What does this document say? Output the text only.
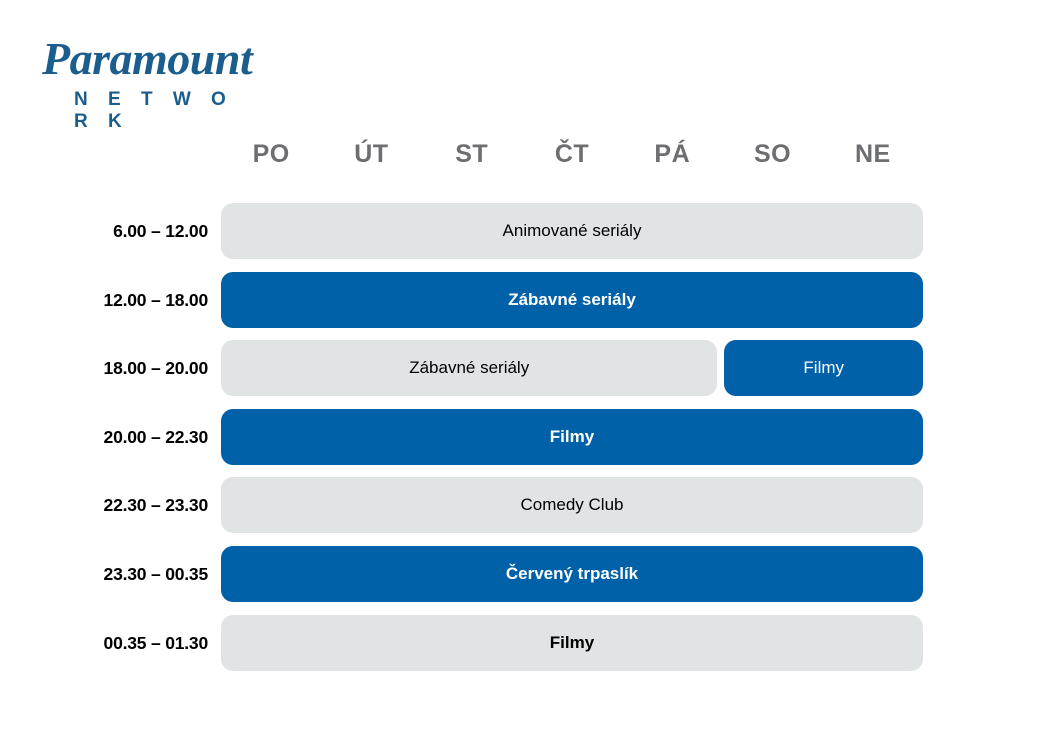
Paramount
N E T W O R K
PO	ÚT	ST	ČT	PÁ	SO	NE
6.00 – 12.00	Animované seriály
12.00 – 18.00	Zábavné seriály
18.00 – 20.00	Zábavné seriály	Filmy
20.00 – 22.30	Filmy
22.30 – 23.30	Comedy Club
23.30 – 00.35	Červený trpaslík
00.35 – 01.30	Filmy
